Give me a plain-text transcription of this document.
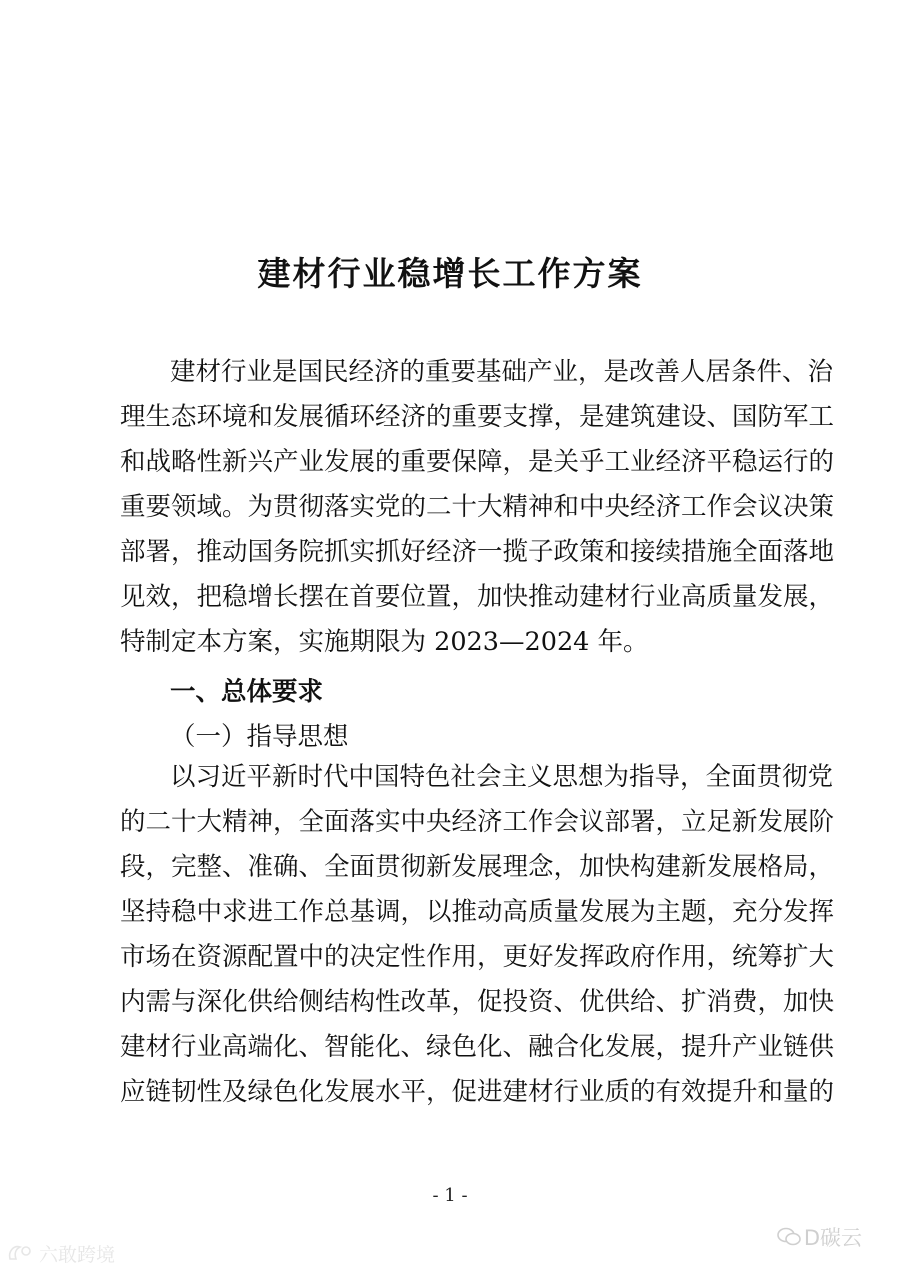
建材行业稳增长工作方案
建材行业是国民经济的重要基础产业，是改善人居条件、治
理生态环境和发展循环经济的重要支撑，是建筑建设、国防军工
和战略性新兴产业发展的重要保障，是关乎工业经济平稳运行的
重要领域。为贯彻落实党的二十大精神和中央经济工作会议决策
部署，推动国务院抓实抓好经济一揽子政策和接续措施全面落地
见效，把稳增长摆在首要位置，加快推动建材行业高质量发展，
特制定本方案，实施期限为 2023—2024 年。
一、总体要求
（一）指导思想
以习近平新时代中国特色社会主义思想为指导，全面贯彻党
的二十大精神，全面落实中央经济工作会议部署，立足新发展阶
段，完整、准确、全面贯彻新发展理念，加快构建新发展格局，
坚持稳中求进工作总基调，以推动高质量发展为主题，充分发挥
市场在资源配置中的决定性作用，更好发挥政府作用，统筹扩大
内需与深化供给侧结构性改革，促投资、优供给、扩消费，加快
建材行业高端化、智能化、绿色化、融合化发展，提升产业链供
应链韧性及绿色化发展水平，促进建材行业质的有效提升和量的
- 1 -
D碳云
六敢跨境
